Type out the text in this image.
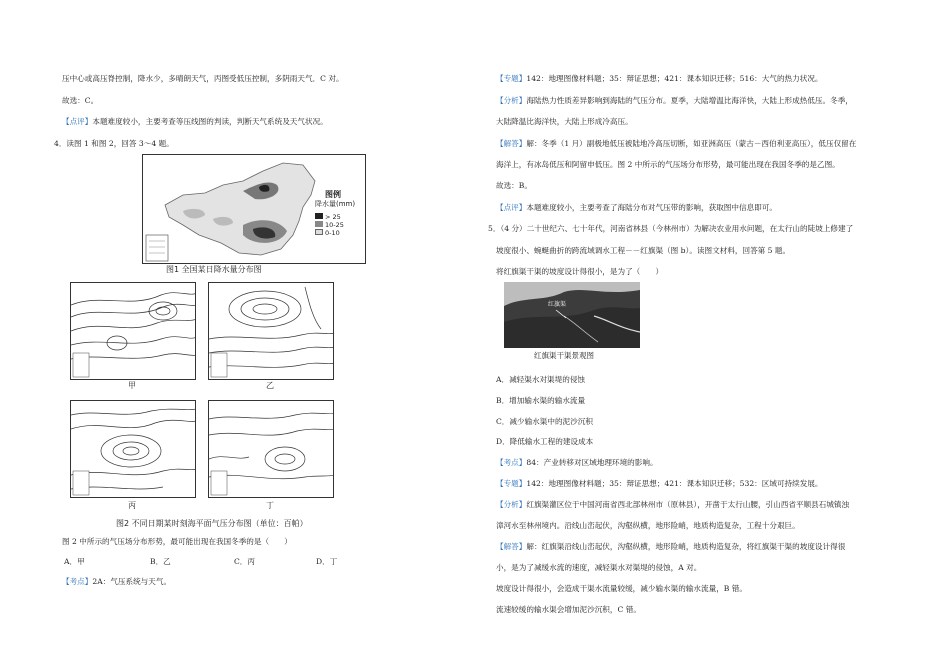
压中心或高压脊控制，降水少，多晴朗天气，丙图受低压控制，多阴雨天气．C 对。
故选：C。
【点评】本题难度较小，主要考查等压线图的判读，判断天气系统及天气状况。
4．读图 1 和图 2，回答 3～4 题。
图例
降水量(mm)
> 25
10-25
0-10
图1 全国某日降水量分布图
甲	乙
丙	丁
图2 不同日期某时刻海平面气压分布图（单位：百帕）
图 2 中所示的气压场分布形势，最可能出现在我国冬季的是（　　）
A．甲	B．乙	C．丙	D．丁
【考点】2A：气压系统与天气。
【专题】142：地理图像材料题；35：辩证思想；421：课本知识迁移；516：大气的热力状况。
【分析】海陆热力性质差异影响到海陆的气压分布。夏季，大陆增温比海洋快，大陆上形成热低压。冬季，
大陆降温比海洋快，大陆上形成冷高压。
【解答】解：冬季（1 月）副极地低压被陆地冷高压切断，如亚洲高压（蒙古－西伯利亚高压），低压仅留在
海洋上，有冰岛低压和阿留申低压。图 2 中所示的气压场分布形势，最可能出现在我国冬季的是乙图。
故选：B。
【点评】本题难度较小，主要考查了海陆分布对气压带的影响，获取图中信息即可。
5．（4 分）二十世纪六、七十年代，河南省林县（今林州市）为解决农业用水问题，在太行山的陡坡上修建了
坡度很小、蜿蜒曲折的跨流域调水工程－－红旗渠（图 b）。读图文材料，回答第 5 题。
将红旗渠干渠的坡度设计得很小，是为了（　　）
红旗渠
红旗渠干渠景观图
A．减轻渠水对渠堤的侵蚀
B．增加输水渠的输水流量
C．减少输水渠中的泥沙沉积
D．降低输水工程的建设成本
【考点】84：产业转移对区域地理环境的影响。
【专题】142：地理图像材料题；35：辩证思想；421：课本知识迁移；532：区域可持续发展。
【分析】红旗渠灌区位于中国河南省西北部林州市（原林县），开凿于太行山腰，引山西省平顺县石城镇浊
漳河水至林州境内。沿线山峦起伏，沟壑纵横，地形险峭，地质构造复杂，工程十分艰巨。
【解答】解：红旗渠沿线山峦起伏，沟壑纵横，地形险峭，地质构造复杂，将红旗渠干渠的坡度设计得很
小，是为了减缓水流的速度，减轻渠水对渠堤的侵蚀，A 对。
坡度设计得很小，会造成干渠水流量较缓，减少输水渠的输水流量，B 错。
流速较缓的输水渠会增加泥沙沉积，C 错。
